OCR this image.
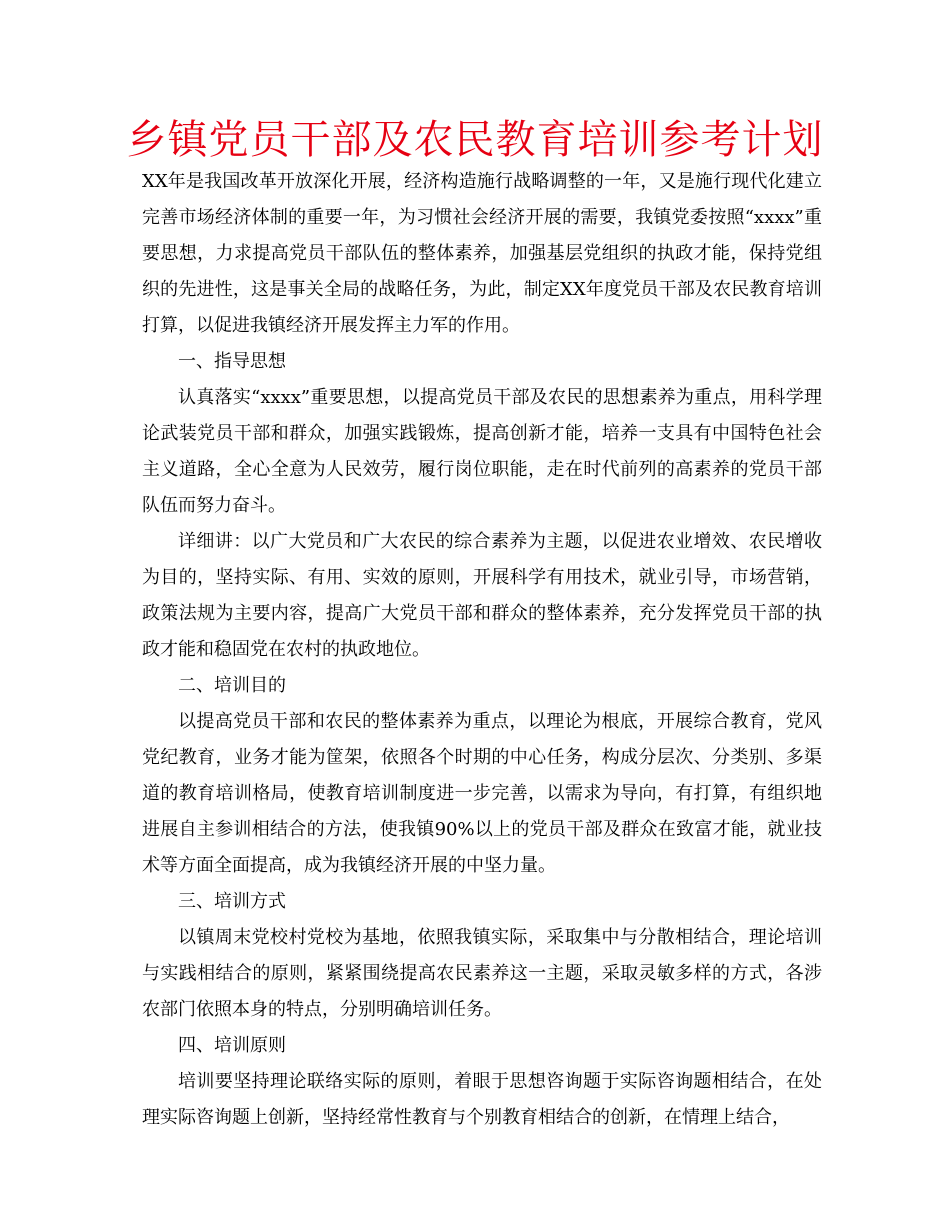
乡镇党员干部及农民教育培训参考计划

XX年是我国改革开放深化开展，经济构造施行战略调整的一年，又是施行现代化建立完善市场经济体制的重要一年，为习惯社会经济开展的需要，我镇党委按照“xxxx”重要思想，力求提高党员干部队伍的整体素养，加强基层党组织的执政才能，保持党组织的先进性，这是事关全局的战略任务，为此，制定XX年度党员干部及农民教育培训打算，以促进我镇经济开展发挥主力军的作用。

一、指导思想

认真落实“xxxx”重要思想，以提高党员干部及农民的思想素养为重点，用科学理论武装党员干部和群众，加强实践锻炼，提高创新才能，培养一支具有中国特色社会主义道路，全心全意为人民效劳，履行岗位职能，走在时代前列的高素养的党员干部队伍而努力奋斗。

详细讲：以广大党员和广大农民的综合素养为主题，以促进农业增效、农民增收为目的，坚持实际、有用、实效的原则，开展科学有用技术，就业引导，市场营销，政策法规为主要内容，提高广大党员干部和群众的整体素养，充分发挥党员干部的执政才能和稳固党在农村的执政地位。

二、培训目的

以提高党员干部和农民的整体素养为重点，以理论为根底，开展综合教育，党风党纪教育，业务才能为筐架，依照各个时期的中心任务，构成分层次、分类别、多渠道的教育培训格局，使教育培训制度进一步完善，以需求为导向，有打算，有组织地进展自主参训相结合的方法，使我镇90%以上的党员干部及群众在致富才能，就业技术等方面全面提高，成为我镇经济开展的中坚力量。

三、培训方式

以镇周末党校村党校为基地，依照我镇实际，采取集中与分散相结合，理论培训与实践相结合的原则，紧紧围绕提高农民素养这一主题，采取灵敏多样的方式，各涉农部门依照本身的特点，分别明确培训任务。

四、培训原则

培训要坚持理论联络实际的原则，着眼于思想咨询题于实际咨询题相结合，在处理实际咨询题上创新，坚持经常性教育与个别教育相结合的创新，在情理上结合，
